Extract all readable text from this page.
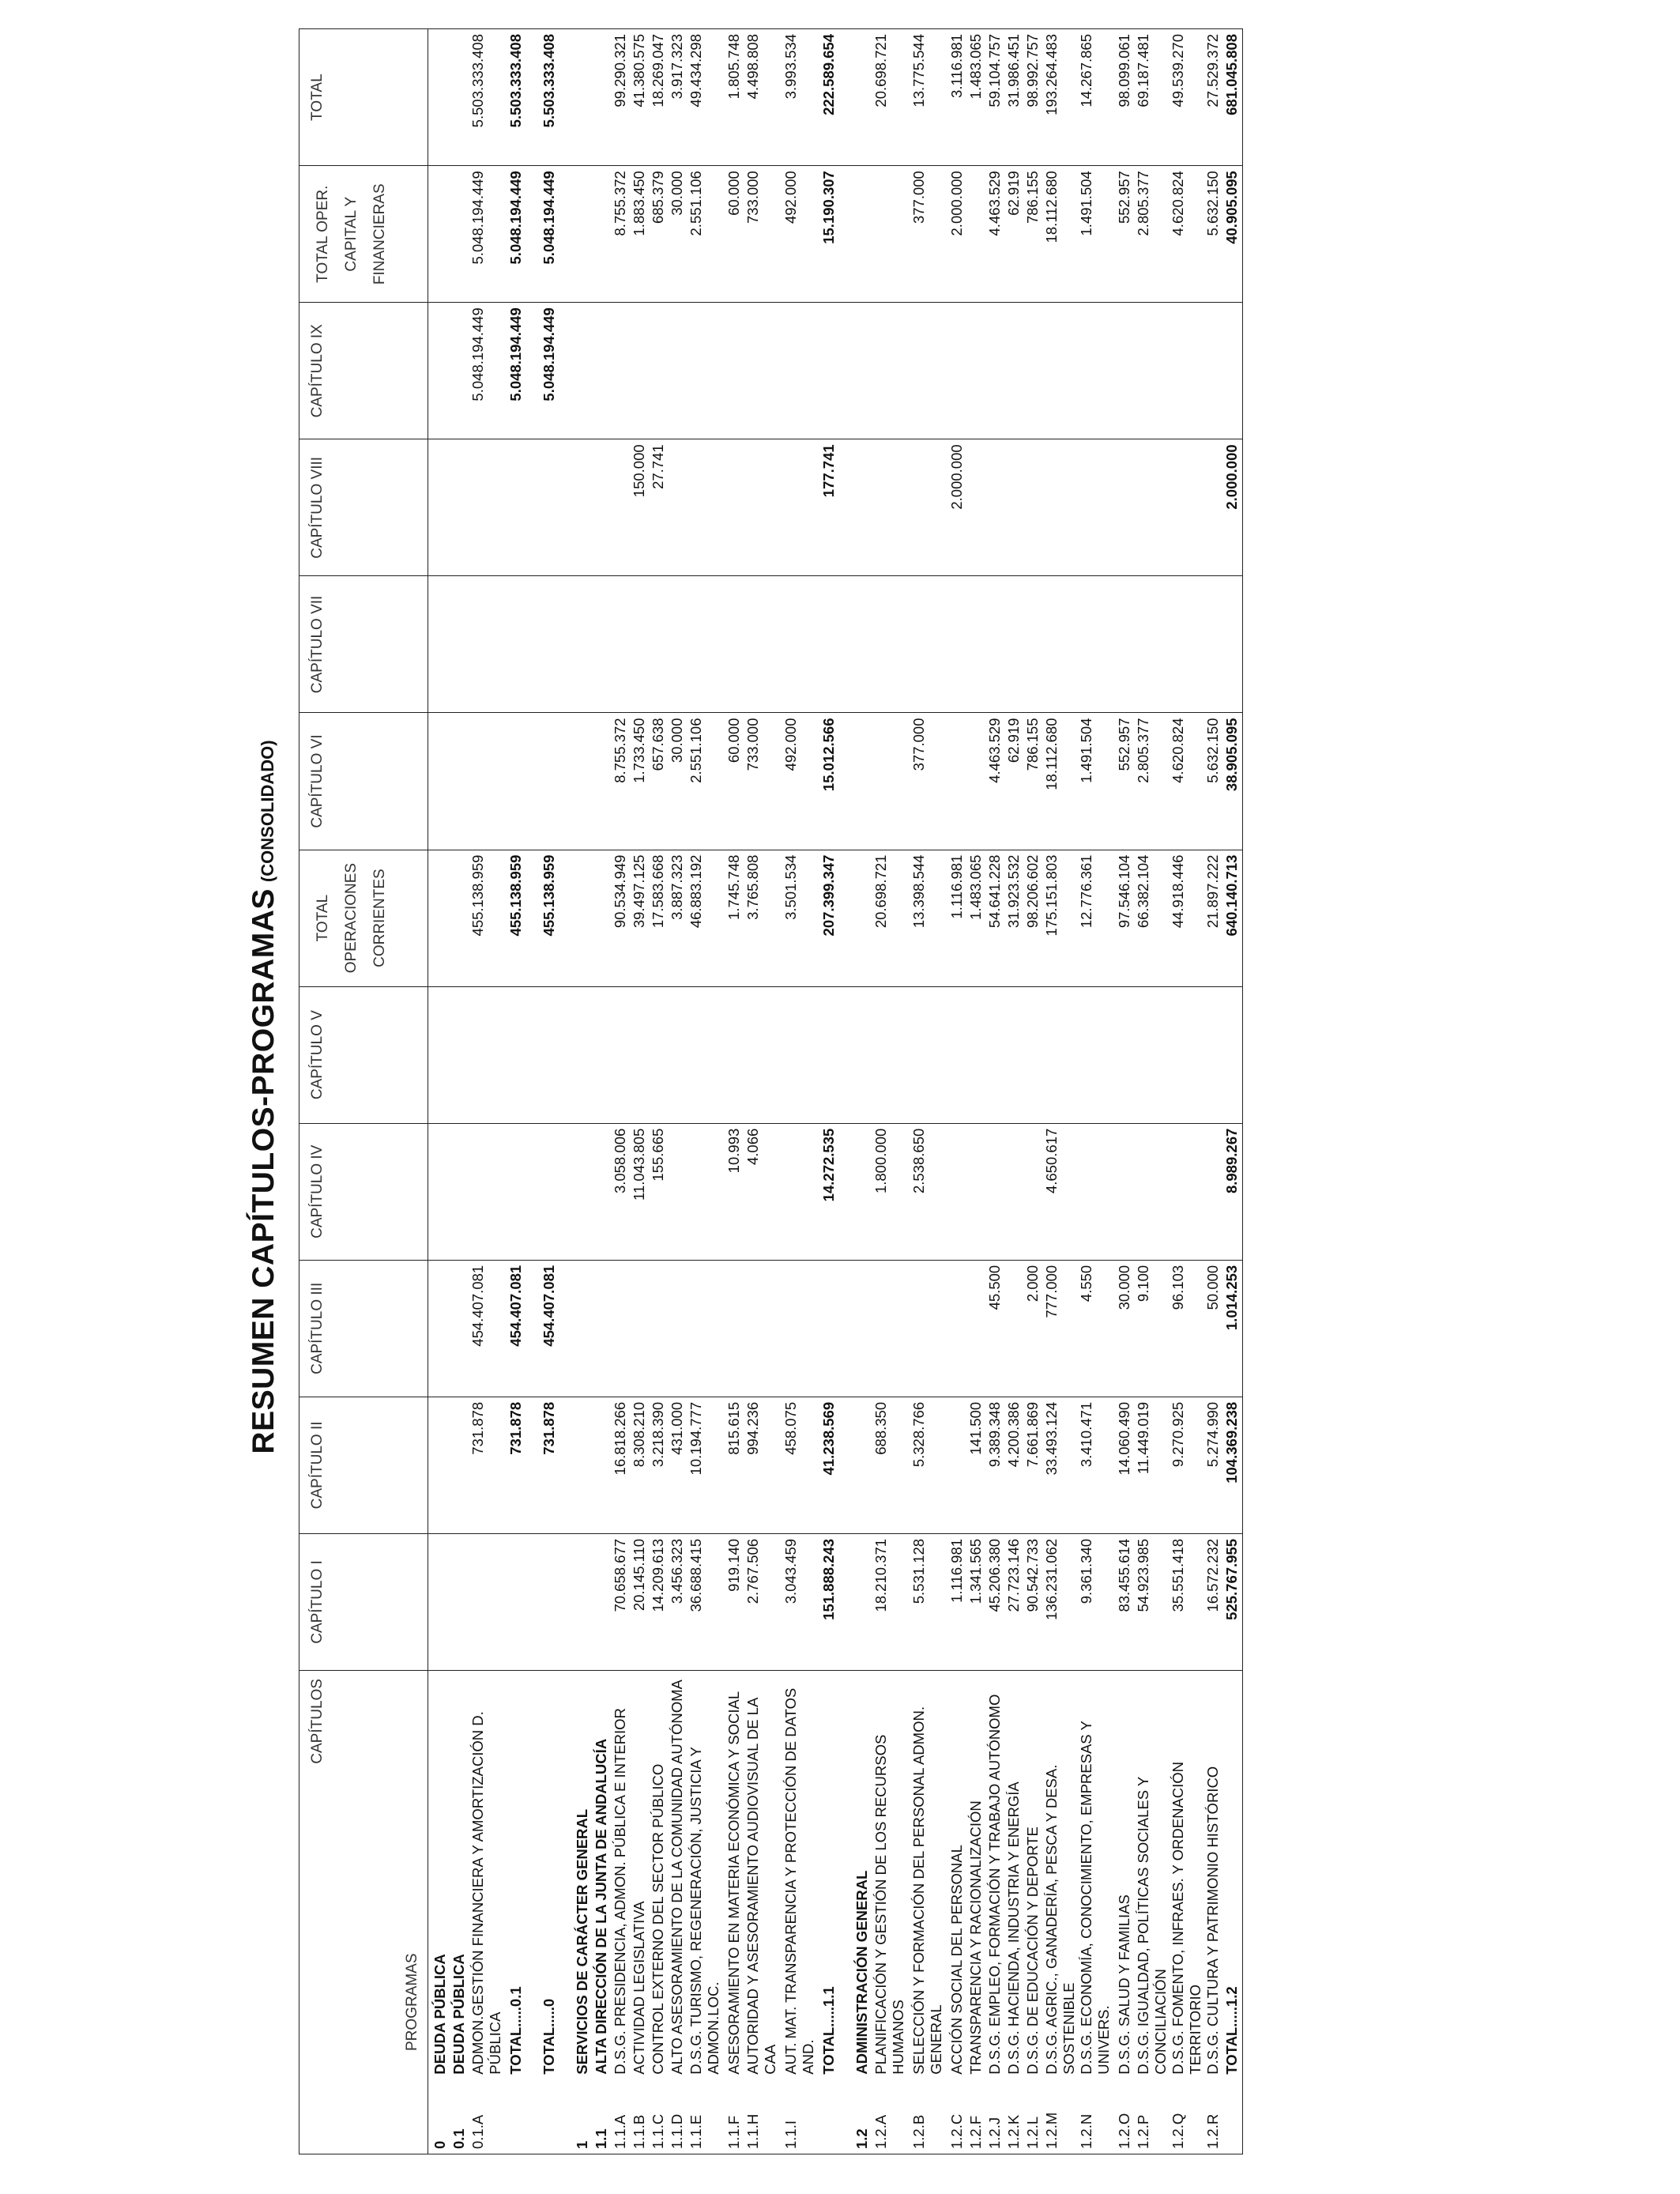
RESUMEN CAPÍTULOS-PROGRAMAS(CONSOLIDADO)
CAPÍTULOS
PROGRAMAS		CAPÍTULO I	CAPÍTULO II	CAPÍTULO III	CAPÍTULO IV	CAPÍTULO V	TOTAL OPERACIONES CORRIENTES	CAPÍTULO VI	CAPÍTULO VII	CAPÍTULO VIII	CAPÍTULO IX	TOTAL OPER. CAPITAL Y FINANCIERAS	TOTAL
0	DEUDA PÚBLICA												
0.1	DEUDA PÚBLICA												
0.1.A	ADMON.GESTIÓN FINANCIERA Y AMORTIZACIÓN D. PÚBLICA		731.878	454.407.081			455.138.959				5.048.194.449	5.048.194.449	5.503.333.408
	TOTAL.....0.1		731.878	454.407.081			455.138.959				5.048.194.449	5.048.194.449	5.503.333.408

	TOTAL.....0		731.878	454.407.081			455.138.959				5.048.194.449	5.048.194.449	5.503.333.408

1	SERVICIOS DE CARÁCTER GENERAL												
1.1	ALTA DIRECCIÓN DE LA JUNTA DE ANDALUCÍA												
1.1.A	D.S.G. PRESIDENCIA, ADMON. PÚBLICA E INTERIOR	70.658.677	16.818.266		3.058.006		90.534.949	8.755.372				8.755.372	99.290.321
1.1.B	ACTIVIDAD LEGISLATIVA	20.145.110	8.308.210		11.043.805		39.497.125	1.733.450		150.000		1.883.450	41.380.575
1.1.C	CONTROL EXTERNO DEL SECTOR PÚBLICO	14.209.613	3.218.390		155.665		17.583.668	657.638		27.741		685.379	18.269.047
1.1.D	ALTO ASESORAMIENTO DE LA COMUNIDAD AUTÓNOMA	3.456.323	431.000				3.887.323	30.000				30.000	3.917.323
1.1.E	D.S.G. TURISMO, REGENERACIÓN, JUSTICIA Y ADMON.LOC.	36.688.415	10.194.777				46.883.192	2.551.106				2.551.106	49.434.298
1.1.F	ASESORAMIENTO EN MATERIA ECONÓMICA Y SOCIAL	919.140	815.615		10.993		1.745.748	60.000				60.000	1.805.748
1.1.H	AUTORIDAD Y ASESORAMIENTO AUDIOVISUAL DE LA CAA	2.767.506	994.236		4.066		3.765.808	733.000				733.000	4.498.808
1.1.I	AUT. MAT. TRANSPARENCIA Y PROTECCIÓN DE DATOS AND.	3.043.459	458.075				3.501.534	492.000				492.000	3.993.534
	TOTAL.....1.1	151.888.243	41.238.569		14.272.535		207.399.347	15.012.566		177.741		15.190.307	222.589.654

1.2	ADMINISTRACIÓN GENERAL												
1.2.A	PLANIFICACIÓN Y GESTIÓN DE LOS RECURSOS HUMANOS	18.210.371	688.350		1.800.000		20.698.721						20.698.721
1.2.B	SELECCIÓN Y FORMACIÓN DEL PERSONAL ADMON. GENERAL	5.531.128	5.328.766		2.538.650		13.398.544	377.000				377.000	13.775.544
1.2.C	ACCIÓN SOCIAL DEL PERSONAL	1.116.981					1.116.981			2.000.000		2.000.000	3.116.981
1.2.F	TRANSPARENCIA Y RACIONALIZACIÓN	1.341.565	141.500				1.483.065						1.483.065
1.2.J	D.S.G. EMPLEO, FORMACIÓN Y TRABAJO AUTÓNOMO	45.206.380	9.389.348	45.500			54.641.228	4.463.529				4.463.529	59.104.757
1.2.K	D.S.G. HACIENDA, INDUSTRIA Y ENERGÍA	27.723.146	4.200.386				31.923.532	62.919				62.919	31.986.451
1.2.L	D.S.G. DE EDUCACIÓN Y DEPORTE	90.542.733	7.661.869	2.000			98.206.602	786.155				786.155	98.992.757
1.2.M	D.S.G. AGRIC., GANADERÍA, PESCA Y DESA. SOSTENIBLE	136.231.062	33.493.124	777.000	4.650.617		175.151.803	18.112.680				18.112.680	193.264.483
1.2.N	D.S.G. ECONOMÍA, CONOCIMIENTO, EMPRESAS Y UNIVERS.	9.361.340	3.410.471	4.550			12.776.361	1.491.504				1.491.504	14.267.865
1.2.O	D.S.G. SALUD Y FAMILIAS	83.455.614	14.060.490	30.000			97.546.104	552.957				552.957	98.099.061
1.2.P	D.S.G. IGUALDAD, POLÍTICAS SOCIALES Y CONCILIACIÓN	54.923.985	11.449.019	9.100			66.382.104	2.805.377				2.805.377	69.187.481
1.2.Q	D.S.G. FOMENTO, INFRAES. Y ORDENACIÓN TERRITORIO	35.551.418	9.270.925	96.103			44.918.446	4.620.824				4.620.824	49.539.270
1.2.R	D.S.G. CULTURA Y PATRIMONIO HISTÓRICO	16.572.232	5.274.990	50.000			21.897.222	5.632.150				5.632.150	27.529.372
	TOTAL.....1.2	525.767.955	104.369.238	1.014.253	8.989.267		640.140.713	38.905.095		2.000.000		40.905.095	681.045.808
